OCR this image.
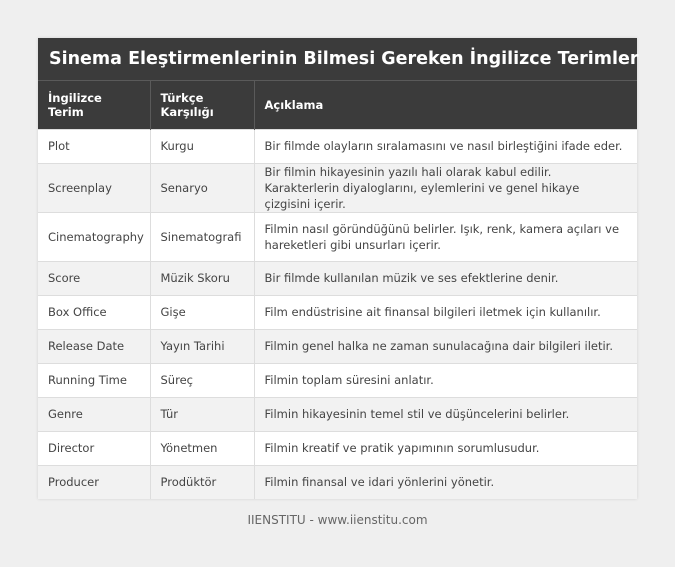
Sinema Eleştirmenlerinin Bilmesi Gereken İngilizce Terimler
İngilizce Terim	Türkçe Karşılığı	Açıklama
Plot	Kurgu	Bir filmde olayların sıralamasını ve nasıl birleştiğini ifade eder.
Screenplay	Senaryo	Bir filmin hikayesinin yazılı hali olarak kabul edilir. Karakterlerin diyaloglarını, eylemlerini ve genel hikaye çizgisini içerir.
Cinematography	Sinematografi	Filmin nasıl göründüğünü belirler. Işık, renk, kamera açıları ve hareketleri gibi unsurları içerir.
Score	Müzik Skoru	Bir filmde kullanılan müzik ve ses efektlerine denir.
Box Office	Gişe	Film endüstrisine ait finansal bilgileri iletmek için kullanılır.
Release Date	Yayın Tarihi	Filmin genel halka ne zaman sunulacağına dair bilgileri iletir.
Running Time	Süreç	Filmin toplam süresini anlatır.
Genre	Tür	Filmin hikayesinin temel stil ve düşüncelerini belirler.
Director	Yönetmen	Filmin kreatif ve pratik yapımının sorumlusudur.
Producer	Prodüktör	Filmin finansal ve idari yönlerini yönetir.
IIENSTITU - www.iienstitu.com
